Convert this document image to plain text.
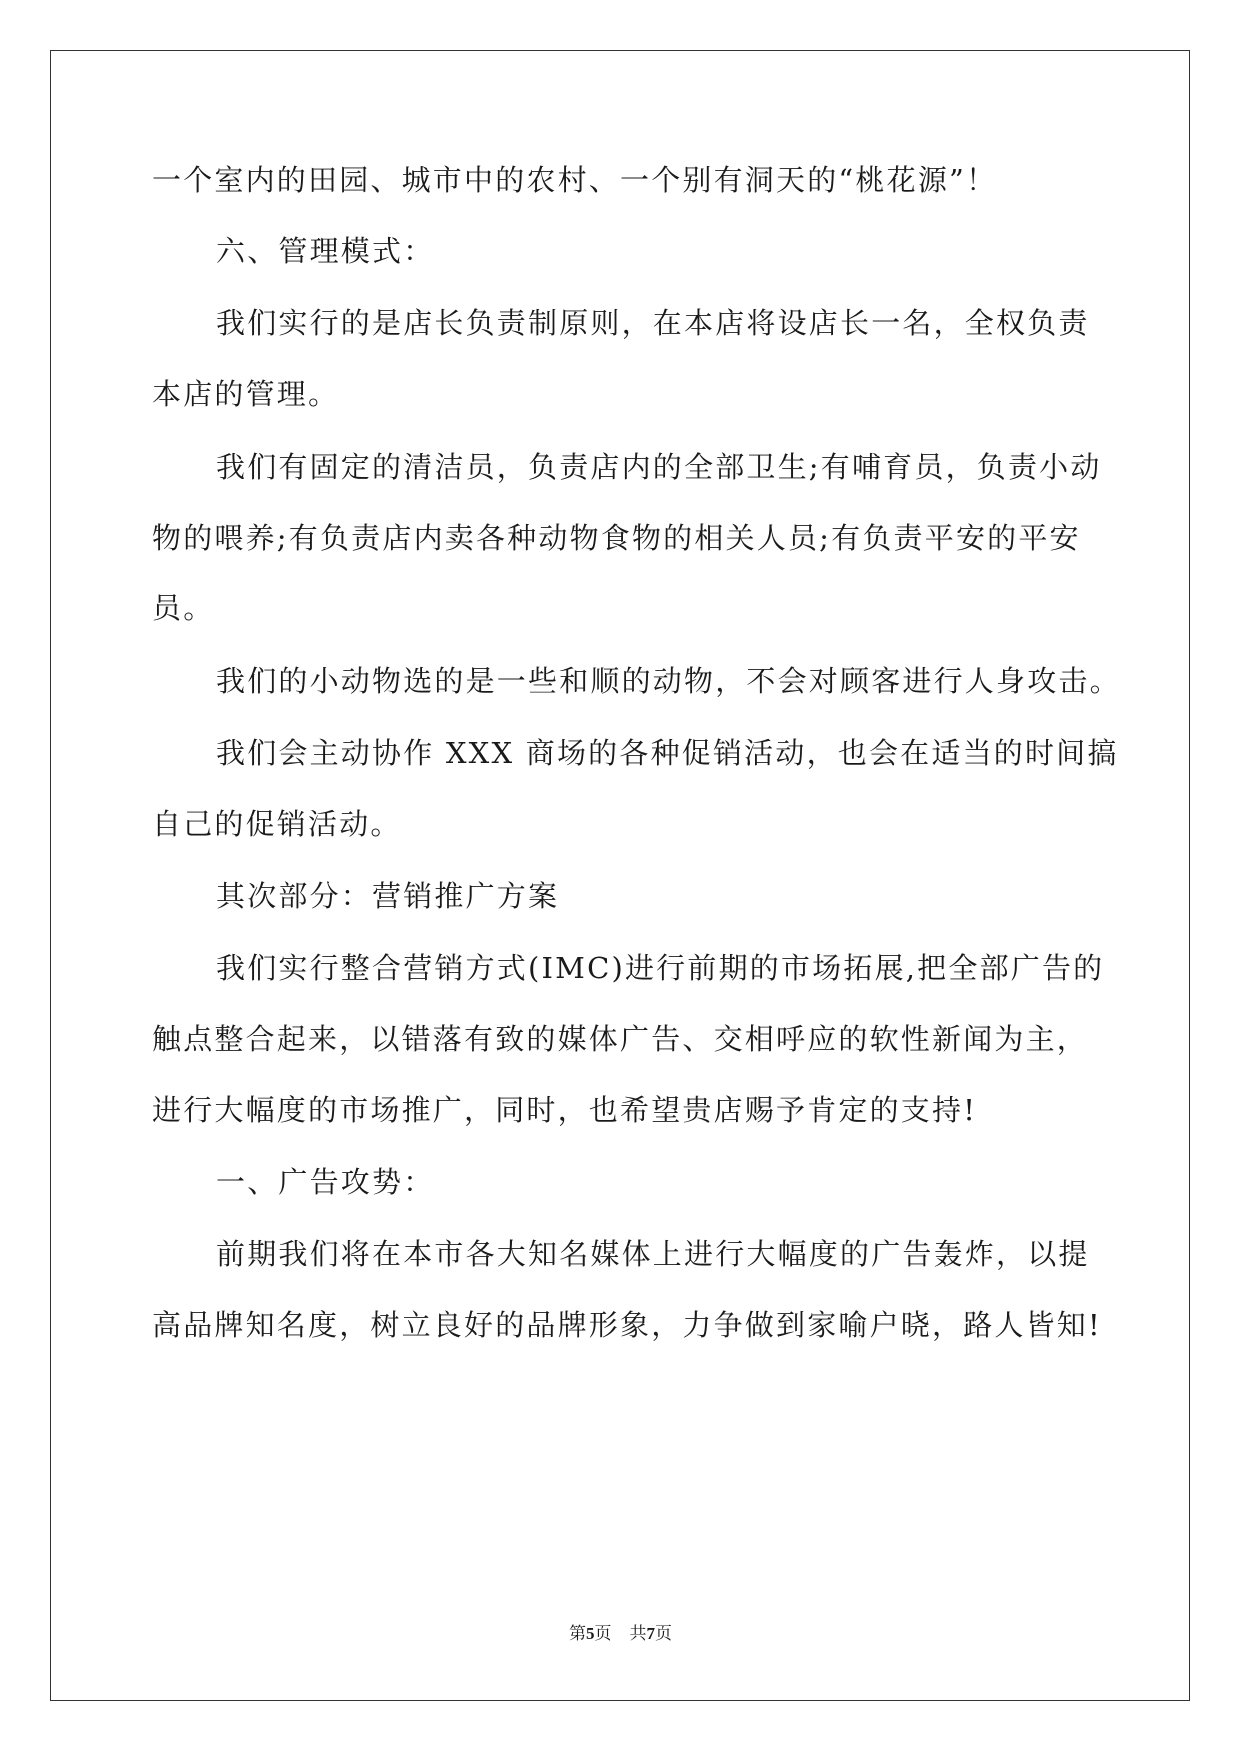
一个室内的田园、城市中的农村、一个别有洞天的“桃花源”！
六、管理模式：
我们实行的是店长负责制原则，在本店将设店长一名，全权负责
本店的管理。
我们有固定的清洁员，负责店内的全部卫生;有哺育员，负责小动
物的喂养;有负责店内卖各种动物食物的相关人员;有负责平安的平安
员。
我们的小动物选的是一些和顺的动物，不会对顾客进行人身攻击。
我们会主动协作 XXX 商场的各种促销活动，也会在适当的时间搞
自己的促销活动。
其次部分：营销推广方案
我们实行整合营销方式(IMC)进行前期的市场拓展,把全部广告的
触点整合起来，以错落有致的媒体广告、交相呼应的软性新闻为主，
进行大幅度的市场推广，同时，也希望贵店赐予肯定的支持!
一、广告攻势：
前期我们将在本市各大知名媒体上进行大幅度的广告轰炸，以提
高品牌知名度，树立良好的品牌形象，力争做到家喻户晓，路人皆知!
第5页 共7页
